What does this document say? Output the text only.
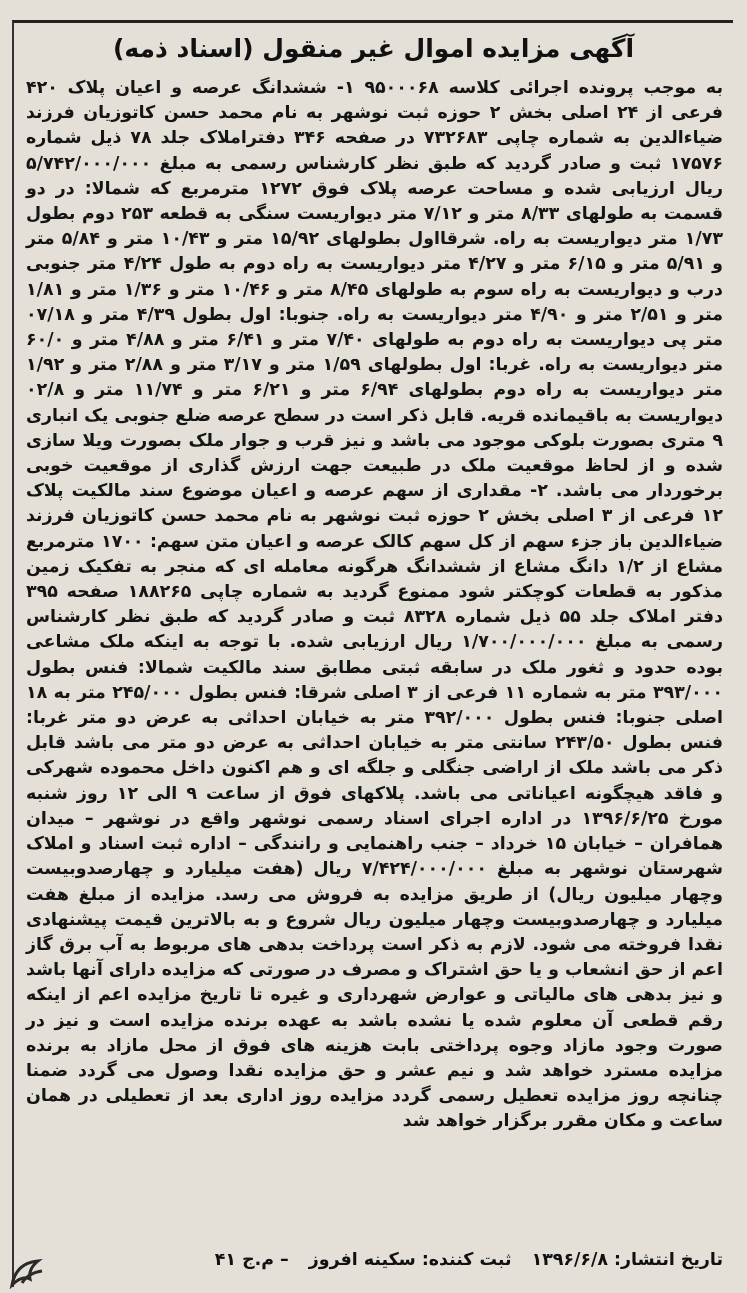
آگهی مزایده اموال غیر منقول (اسناد ذمه)

به موجب پرونده اجرائی کلاسه ۹۵۰۰۰۶۸ ۱- ششدانگ عرصه و اعیان پلاک ۴۲۰ فرعی از ۲۴ اصلی بخش ۲ حوزه ثبت نوشهر به نام محمد حسن کاتوزیان فرزند ضیاءالدین به شماره چاپی ۷۳۲۶۸۳ در صفحه ۳۴۶ دفتراملاک جلد ۷۸ ذیل شماره ۱۷۵۷۶ ثبت و صادر گردید که طبق نظر کارشناس رسمی به مبلغ ۵/۷۴۲/۰۰۰/۰۰۰ ریال ارزیابی شده و مساحت عرصه پلاک فوق ۱۲۷۲ مترمربع که شمالا: در دو قسمت به طولهای ۸/۳۳ متر و ۷/۱۲ متر دیواریست سنگی به قطعه ۲۵۳ دوم بطول ۱/۷۳ متر دیواریست به راه. شرقااول بطولهای ۱۵/۹۲ متر و ۱۰/۴۳ متر و ۵/۸۴ متر و ۵/۹۱ متر و ۶/۱۵ متر و ۴/۲۷ متر دیواریست به راه دوم به طول ۴/۲۴ متر جنوبی درب و دیواریست به راه سوم به طولهای ۸/۴۵ متر و ۱۰/۴۶ متر و ۱/۳۶ متر و ۱/۸۱ متر و ۲/۵۱ متر و ۴/۹۰ متر دیواریست به راه. جنوبا: اول بطول ۴/۳۹ متر و ۰۷/۱۸ متر پی دیواریست به راه دوم به طولهای ۷/۴۰ متر و ۶/۴۱ متر و ۴/۸۸ متر و ۶۰/۰ متر دیواریست به راه. غربا: اول بطولهای ۱/۵۹ متر و ۳/۱۷ متر و ۲/۸۸ متر و ۱/۹۲ متر دیواریست به راه دوم بطولهای ۶/۹۴ متر و ۶/۲۱ متر و ۱۱/۷۴ متر و ۰۲/۸ دیواریست به باقیمانده قریه. قابل ذکر است در سطح عرصه ضلع جنوبی یک انباری ۹ متری بصورت بلوکی موجود می باشد و نیز قرب و جوار ملک بصورت ویلا سازی شده و از لحاظ موقعیت ملک در طبیعت جهت ارزش گذاری از موقعیت خوبی برخوردار می باشد. ۲- مقداری از سهم عرصه و اعیان موضوع سند مالکیت پلاک ۱۲ فرعی از ۳ اصلی بخش ۲ حوزه ثبت نوشهر به نام محمد حسن کاتوزیان فرزند ضیاءالدین باز جزء سهم از کل سهم کالک عرصه و اعیان متن سهم: ۱۷۰۰ مترمربع مشاع از ۱/۲ دانگ مشاع از ششدانگ هرگونه معامله ای که منجر به تفکیک زمین مذکور به قطعات کوچکتر شود ممنوع گردید به شماره چاپی ۱۸۸۲۶۵ صفحه ۳۹۵ دفتر املاک جلد ۵۵ ذیل شماره ۸۳۲۸ ثبت و صادر گردید که طبق نظر کارشناس رسمی به مبلغ ۱/۷۰۰/۰۰۰/۰۰۰ ریال ارزیابی شده. با توجه به اینکه ملک مشاعی بوده حدود و ثغور ملک در سابقه ثبتی مطابق سند مالکیت شمالا: فنس بطول ۳۹۳/۰۰۰ متر به شماره ۱۱ فرعی از ۳ اصلی شرقا: فنس بطول ۲۴۵/۰۰۰ متر به ۱۸ اصلی جنوبا: فنس بطول ۳۹۲/۰۰۰ متر به خیابان احداثی به عرض دو متر غربا: فنس بطول ۲۴۳/۵۰ سانتی متر به خیابان احداثی به عرض دو متر می باشد قابل ذکر می باشد ملک از اراضی جنگلی و جلگه ای و هم اکنون داخل محموده شهرکی و فاقد هیچگونه اعیاناتی می باشد. پلاکهای فوق از ساعت ۹ الی ۱۲ روز شنبه مورخ ۱۳۹۶/۶/۲۵ در اداره اجرای اسناد رسمی نوشهر واقع در نوشهر – میدان همافران – خیابان ۱۵ خرداد – جنب راهنمایی و رانندگی – اداره ثبت اسناد و املاک شهرستان نوشهر به مبلغ ۷/۴۲۴/۰۰۰/۰۰۰ ریال (هفت میلیارد و چهارصدوبیست وچهار میلیون ریال) از طریق مزایده به فروش می رسد. مزایده از مبلغ هفت میلیارد و چهارصدوبیست وچهار میلیون ریال شروع و به بالاترین قیمت پیشنهادی نقدا فروخته می شود. لازم به ذکر است پرداخت بدهی های مربوط به آب برق گاز اعم از حق انشعاب و یا حق اشتراک و مصرف در صورتی که مزایده دارای آنها باشد و نیز بدهی های مالیاتی و عوارض شهرداری و غیره تا تاریخ مزایده اعم از اینکه رقم قطعی آن معلوم شده یا نشده باشد به عهده برنده مزایده است و نیز در صورت وجود مازاد وجوه پرداختی بابت هزینه های فوق از محل مازاد به برنده مزایده مسترد خواهد شد و نیم عشر و حق مزایده نقدا وصول می گردد ضمنا چنانچه روز مزایده تعطیل رسمی گردد مزایده روز اداری بعد از تعطیلی در همان ساعت و مکان مقرر برگزار خواهد شد

تاریخ انتشار: ۱۳۹۶/۶/۸ ثبت کننده: سکینه افروز – م.ج ۴۱
